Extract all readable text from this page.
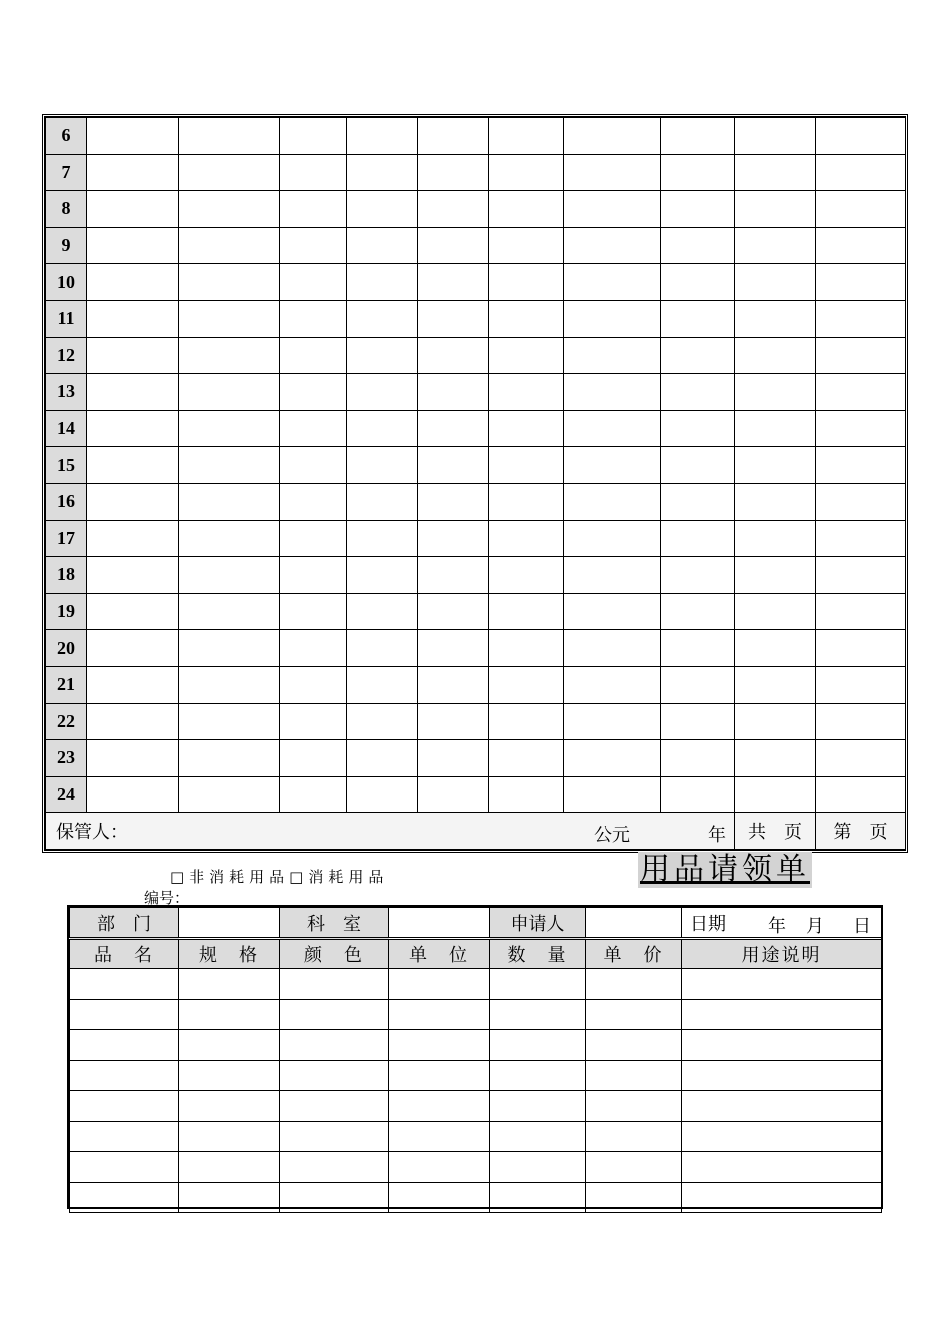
6										
7										
8										
9										
10										
11										
12										
13										
14										
15										
16										
17										
18										
19										
20										
21										
22										
23										
24										
保管人： 公元 年									共　页	第　页
□非消耗用品□消耗用品
编号：
用品请领单
部　门		科　室		申请人		日期 年 月 日

品　名	规　格	颜　色	单　位	数　量	单　价	用途说明
